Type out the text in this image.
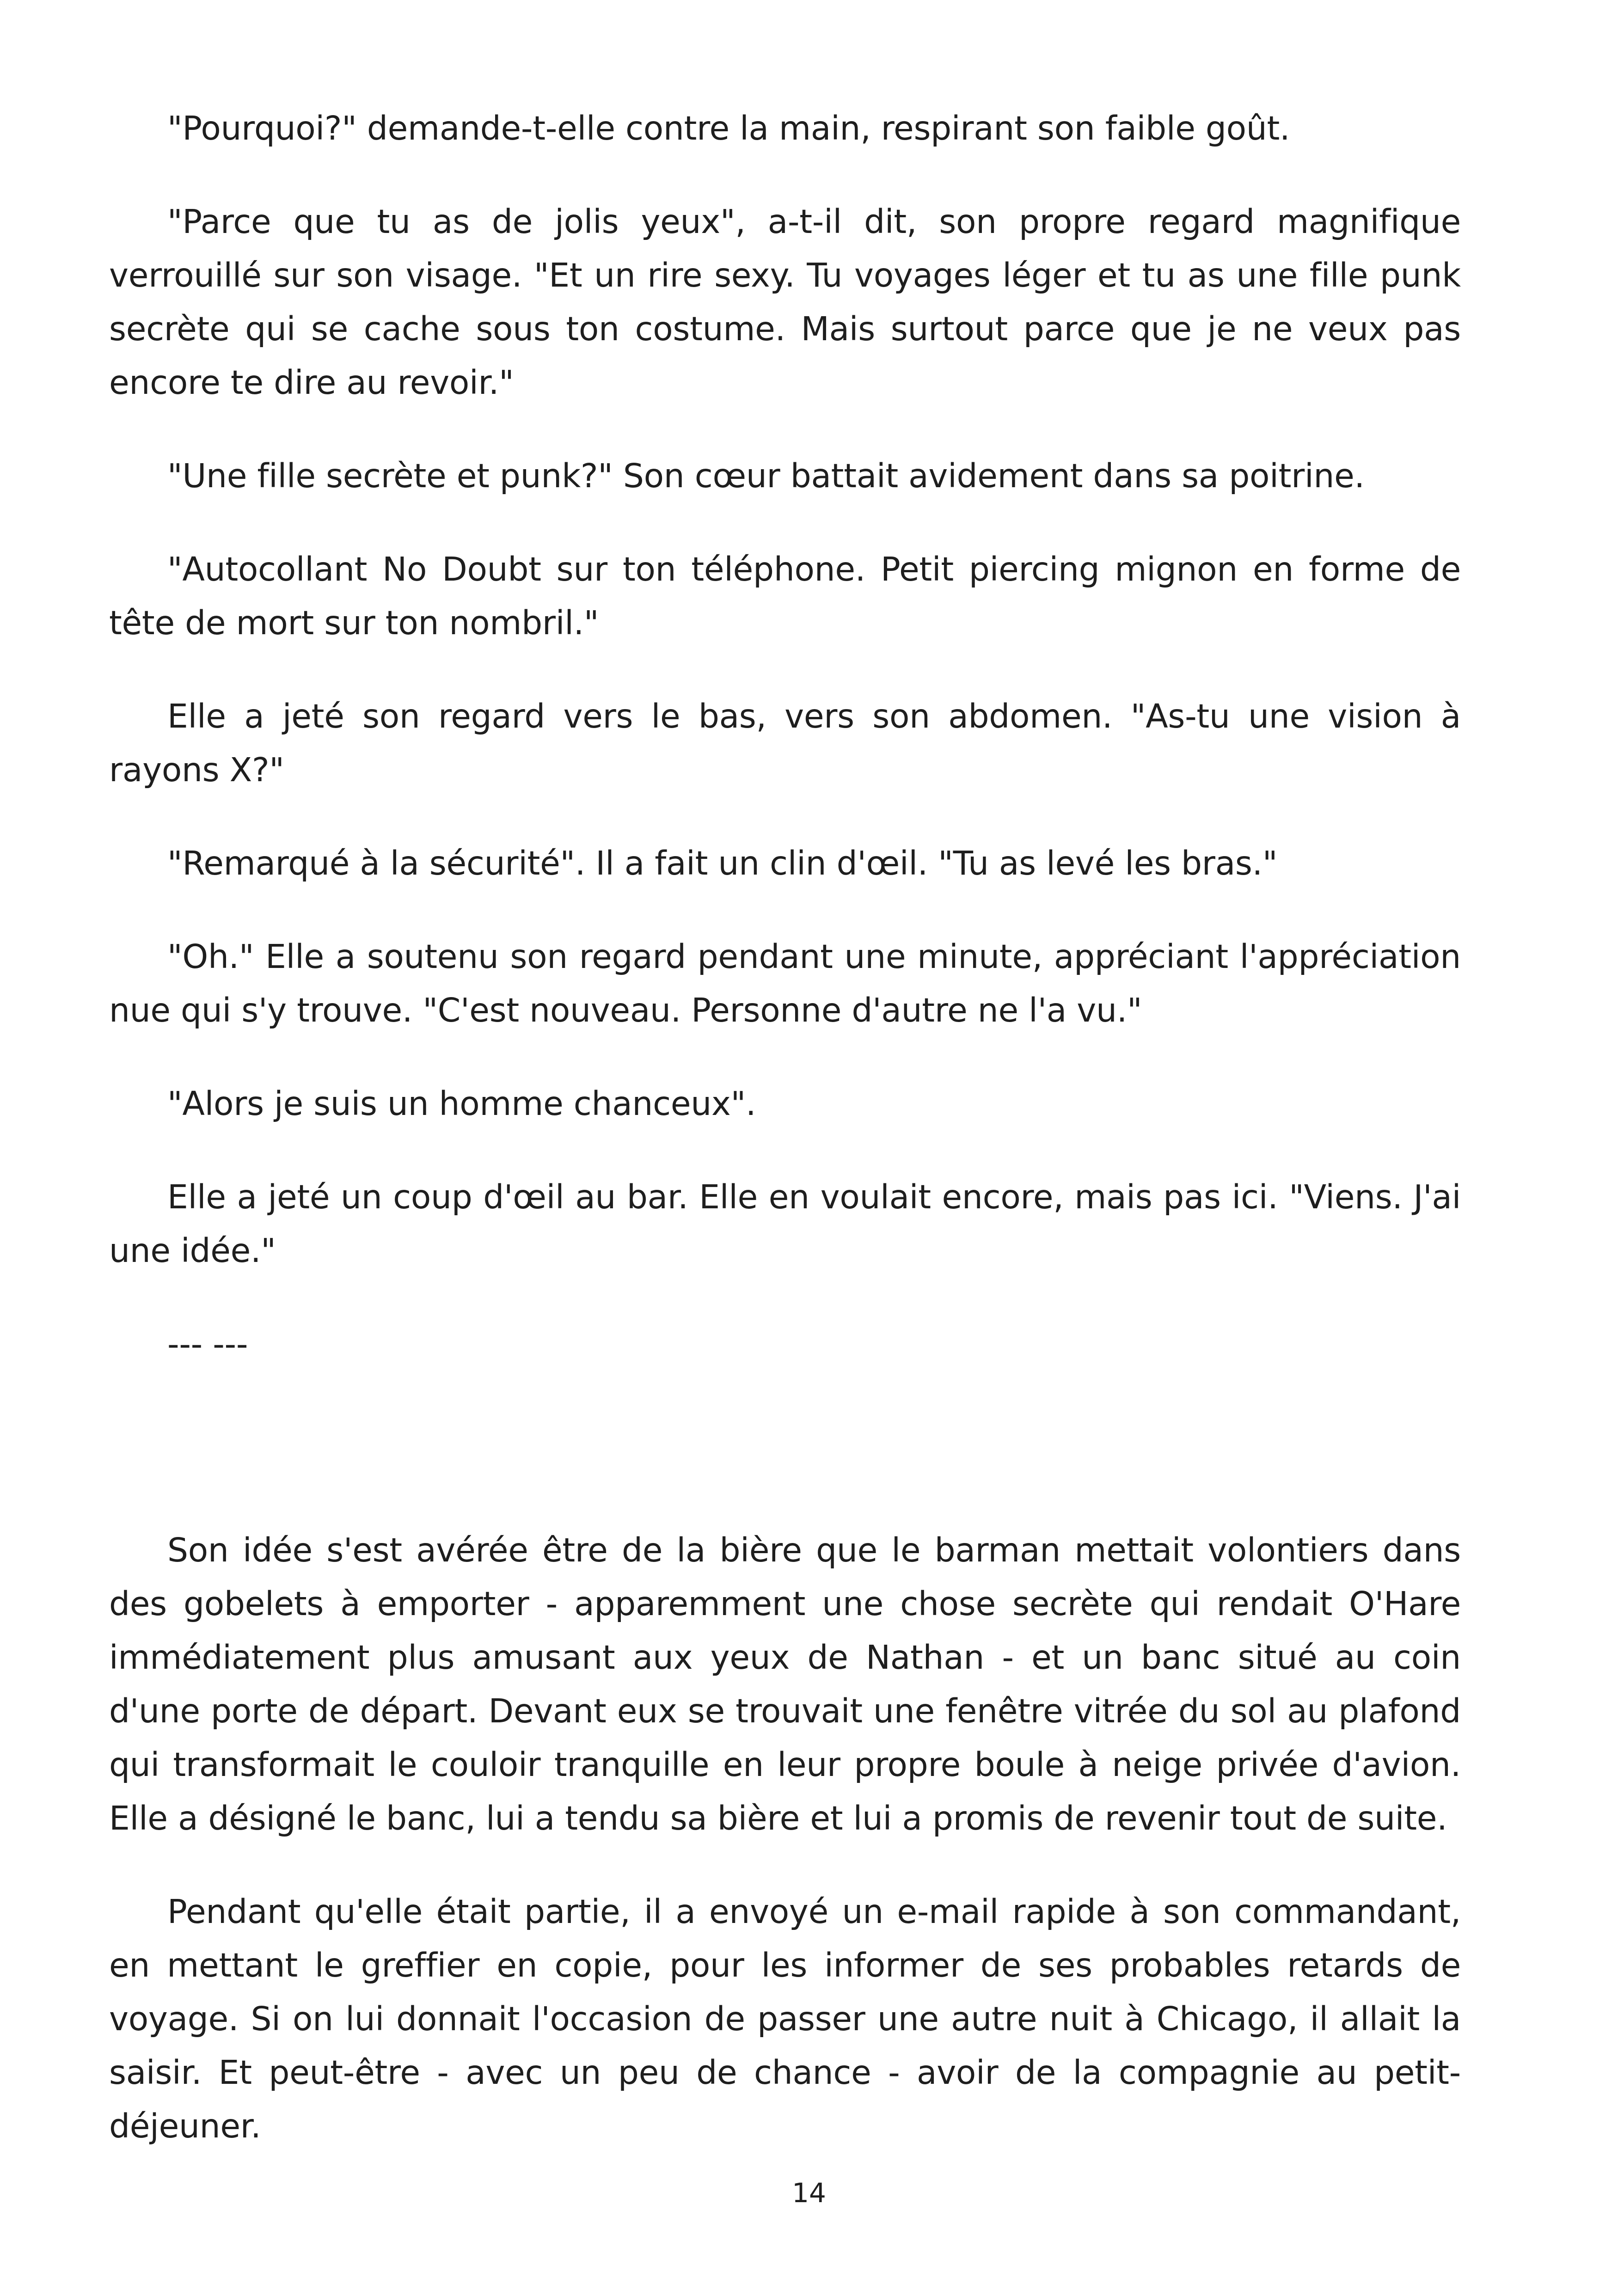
"Pourquoi?" demande-t-elle contre la main, respirant son faible goût.

"Parce que tu as de jolis yeux", a-t-il dit, son propre regard magnifique verrouillé sur son visage. "Et un rire sexy. Tu voyages léger et tu as une fille punk secrète qui se cache sous ton costume. Mais surtout parce que je ne veux pas encore te dire au revoir."

"Une fille secrète et punk?" Son cœur battait avidement dans sa poitrine.

"Autocollant No Doubt sur ton téléphone. Petit piercing mignon en forme de tête de mort sur ton nombril."

Elle a jeté son regard vers le bas, vers son abdomen. "As-tu une vision à rayons X?"

"Remarqué à la sécurité". Il a fait un clin d'œil. "Tu as levé les bras."

"Oh." Elle a soutenu son regard pendant une minute, appréciant l'appréciation nue qui s'y trouve. "C'est nouveau. Personne d'autre ne l'a vu."

"Alors je suis un homme chanceux".

Elle a jeté un coup d'œil au bar. Elle en voulait encore, mais pas ici. "Viens. J'ai une idée."

--- ---

Son idée s'est avérée être de la bière que le barman mettait volontiers dans des gobelets à emporter - apparemment une chose secrète qui rendait O'Hare immédiatement plus amusant aux yeux de Nathan - et un banc situé au coin d'une porte de départ. Devant eux se trouvait une fenêtre vitrée du sol au plafond qui transformait le couloir tranquille en leur propre boule à neige privée d'avion. Elle a désigné le banc, lui a tendu sa bière et lui a promis de revenir tout de suite.

Pendant qu'elle était partie, il a envoyé un e-mail rapide à son commandant, en mettant le greffier en copie, pour les informer de ses probables retards de voyage. Si on lui donnait l'occasion de passer une autre nuit à Chicago, il allait la saisir. Et peut-être - avec un peu de chance - avoir de la compagnie au petit-déjeuner.

14
